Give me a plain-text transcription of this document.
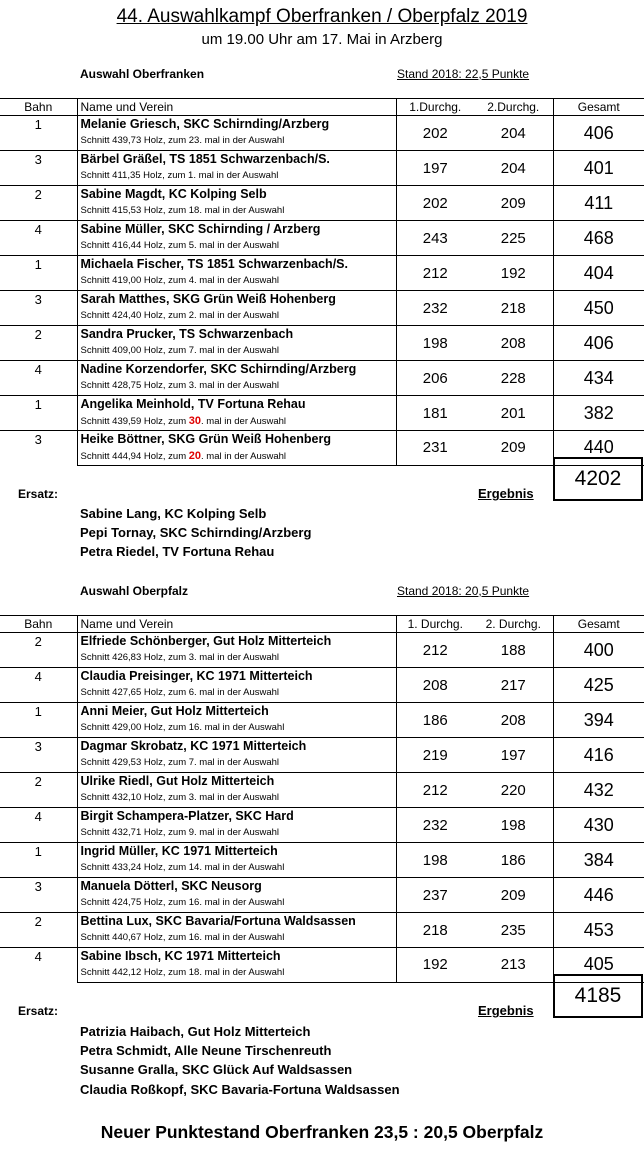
44. Auswahlkampf Oberfranken / Oberpfalz 2019
um 19.00 Uhr am 17. Mai in Arzberg
Auswahl Oberfranken	Stand 2018: 22,5 Punkte
Bahn	Name und Verein	1.Durchg.	2.Durchg.	Gesamt
1	Melanie Griesch, SKC Schirnding/Arzberg
Schnitt 439,73 Holz, zum 23. mal in der Auswahl	202	204	406
3	Bärbel Gräßel, TS 1851 Schwarzenbach/S.
Schnitt 411,35 Holz, zum 1. mal in der Auswahl	197	204	401
2	Sabine Magdt, KC Kolping Selb
Schnitt 415,53 Holz, zum 18. mal in der Auswahl	202	209	411
4	Sabine Müller, SKC Schirnding / Arzberg
Schnitt 416,44 Holz, zum 5. mal in der Auswahl	243	225	468
1	Michaela Fischer, TS 1851 Schwarzenbach/S.
Schnitt 419,00 Holz, zum 4. mal in der Auswahl	212	192	404
3	Sarah Matthes, SKG Grün Weiß Hohenberg
Schnitt 424,40 Holz, zum 2. mal in der Auswahl	232	218	450
2	Sandra Prucker, TS Schwarzenbach
Schnitt 409,00 Holz, zum 7. mal in der Auswahl	198	208	406
4	Nadine Korzendorfer, SKC Schirnding/Arzberg
Schnitt 428,75 Holz, zum 3. mal in der Auswahl	206	228	434
1	Angelika Meinhold, TV Fortuna Rehau
Schnitt 439,59 Holz, zum 30. mal in der Auswahl	181	201	382
3	Heike Böttner, SKG Grün Weiß Hohenberg
Schnitt 444,94 Holz, zum 20. mal in der Auswahl	231	209	440
Ersatz:	Ergebnis
4202
Sabine Lang, KC Kolping Selb
Pepi Tornay, SKC Schirnding/Arzberg
Petra Riedel, TV Fortuna Rehau
Auswahl Oberpfalz	Stand 2018: 20,5 Punkte
Bahn	Name und Verein	1. Durchg.	2. Durchg.	Gesamt
2	Elfriede Schönberger, Gut Holz Mitterteich
Schnitt 426,83 Holz, zum 3. mal in der Auswahl	212	188	400
4	Claudia Preisinger, KC 1971 Mitterteich
Schnitt 427,65 Holz, zum 6. mal in der Auswahl	208	217	425
1	Anni Meier, Gut Holz Mitterteich
Schnitt 429,00 Holz, zum 16. mal in der Auswahl	186	208	394
3	Dagmar Skrobatz, KC 1971 Mitterteich
Schnitt 429,53 Holz, zum 7. mal in der Auswahl	219	197	416
2	Ulrike Riedl, Gut Holz Mitterteich
Schnitt 432,10 Holz, zum 3. mal in der Auswahl	212	220	432
4	Birgit Schampera-Platzer, SKC Hard
Schnitt 432,71 Holz, zum 9. mal in der Auswahl	232	198	430
1	Ingrid Müller, KC 1971 Mitterteich
Schnitt 433,24 Holz, zum 14. mal in der Auswahl	198	186	384
3	Manuela Dötterl, SKC Neusorg
Schnitt 424,75 Holz, zum 16. mal in der Auswahl	237	209	446
2	Bettina Lux, SKC Bavaria/Fortuna Waldsassen
Schnitt 440,67 Holz, zum 16. mal in der Auswahl	218	235	453
4	Sabine Ibsch, KC 1971 Mitterteich
Schnitt 442,12 Holz, zum 18. mal in der Auswahl	192	213	405
Ersatz:	Ergebnis
4185
Patrizia Haibach, Gut Holz Mitterteich
Petra Schmidt, Alle Neune Tirschenreuth
Susanne Gralla, SKC Glück Auf Waldsassen
Claudia Roßkopf, SKC Bavaria-Fortuna Waldsassen
Neuer Punktestand Oberfranken 23,5 : 20,5 Oberpfalz
